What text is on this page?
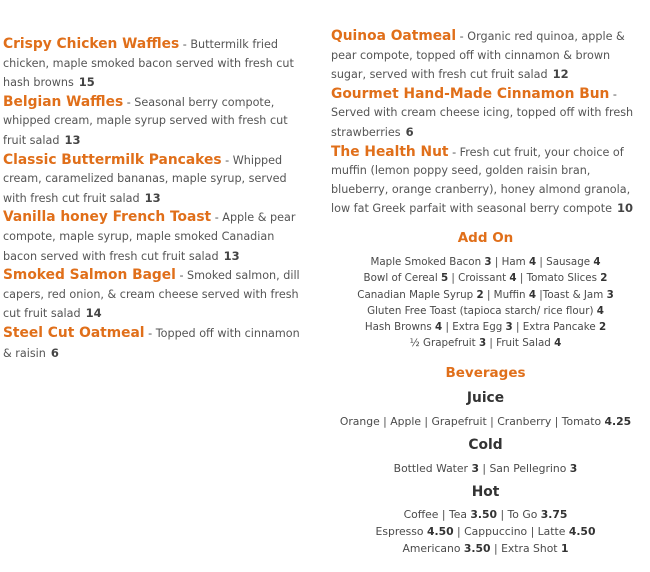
Crispy Chicken Waffles - Buttermilk fried chicken, maple smoked bacon served with fresh cut hash browns 15
Belgian Waffles - Seasonal berry compote, whipped cream, maple syrup served with fresh cut fruit salad 13
Classic Buttermilk Pancakes - Whipped cream, caramelized bananas, maple syrup, served with fresh cut fruit salad 13
Vanilla honey French Toast - Apple & pear compote, maple syrup, maple smoked Canadian bacon served with fresh cut fruit salad 13
Smoked Salmon Bagel - Smoked salmon, dill capers, red onion, & cream cheese served with fresh cut fruit salad 14
Steel Cut Oatmeal - Topped off with cinnamon & raisin 6
Quinoa Oatmeal - Organic red quinoa, apple & pear compote, topped off with cinnamon & brown sugar, served with fresh cut fruit salad 12
Gourmet Hand-Made Cinnamon Bun - Served with cream cheese icing, topped off with fresh strawberries 6
The Health Nut - Fresh cut fruit, your choice of muffin (lemon poppy seed, golden raisin bran, blueberry, orange cranberry), honey almond granola, low fat Greek parfait with seasonal berry compote 10
Add On
Maple Smoked Bacon 3 | Ham 4 | Sausage 4
Bowl of Cereal 5 | Croissant 4 | Tomato Slices 2
Canadian Maple Syrup 2 | Muffin 4 |Toast & Jam 3
Gluten Free Toast (tapioca starch/ rice flour) 4
Hash Browns 4 | Extra Egg 3 | Extra Pancake 2
½ Grapefruit 3 | Fruit Salad 4
Beverages
Juice
Orange | Apple | Grapefruit | Cranberry | Tomato 4.25
Cold
Bottled Water 3 | San Pellegrino 3
Hot
Coffee | Tea 3.50 | To Go 3.75
Espresso 4.50 | Cappuccino | Latte 4.50
Americano 3.50 | Extra Shot 1
